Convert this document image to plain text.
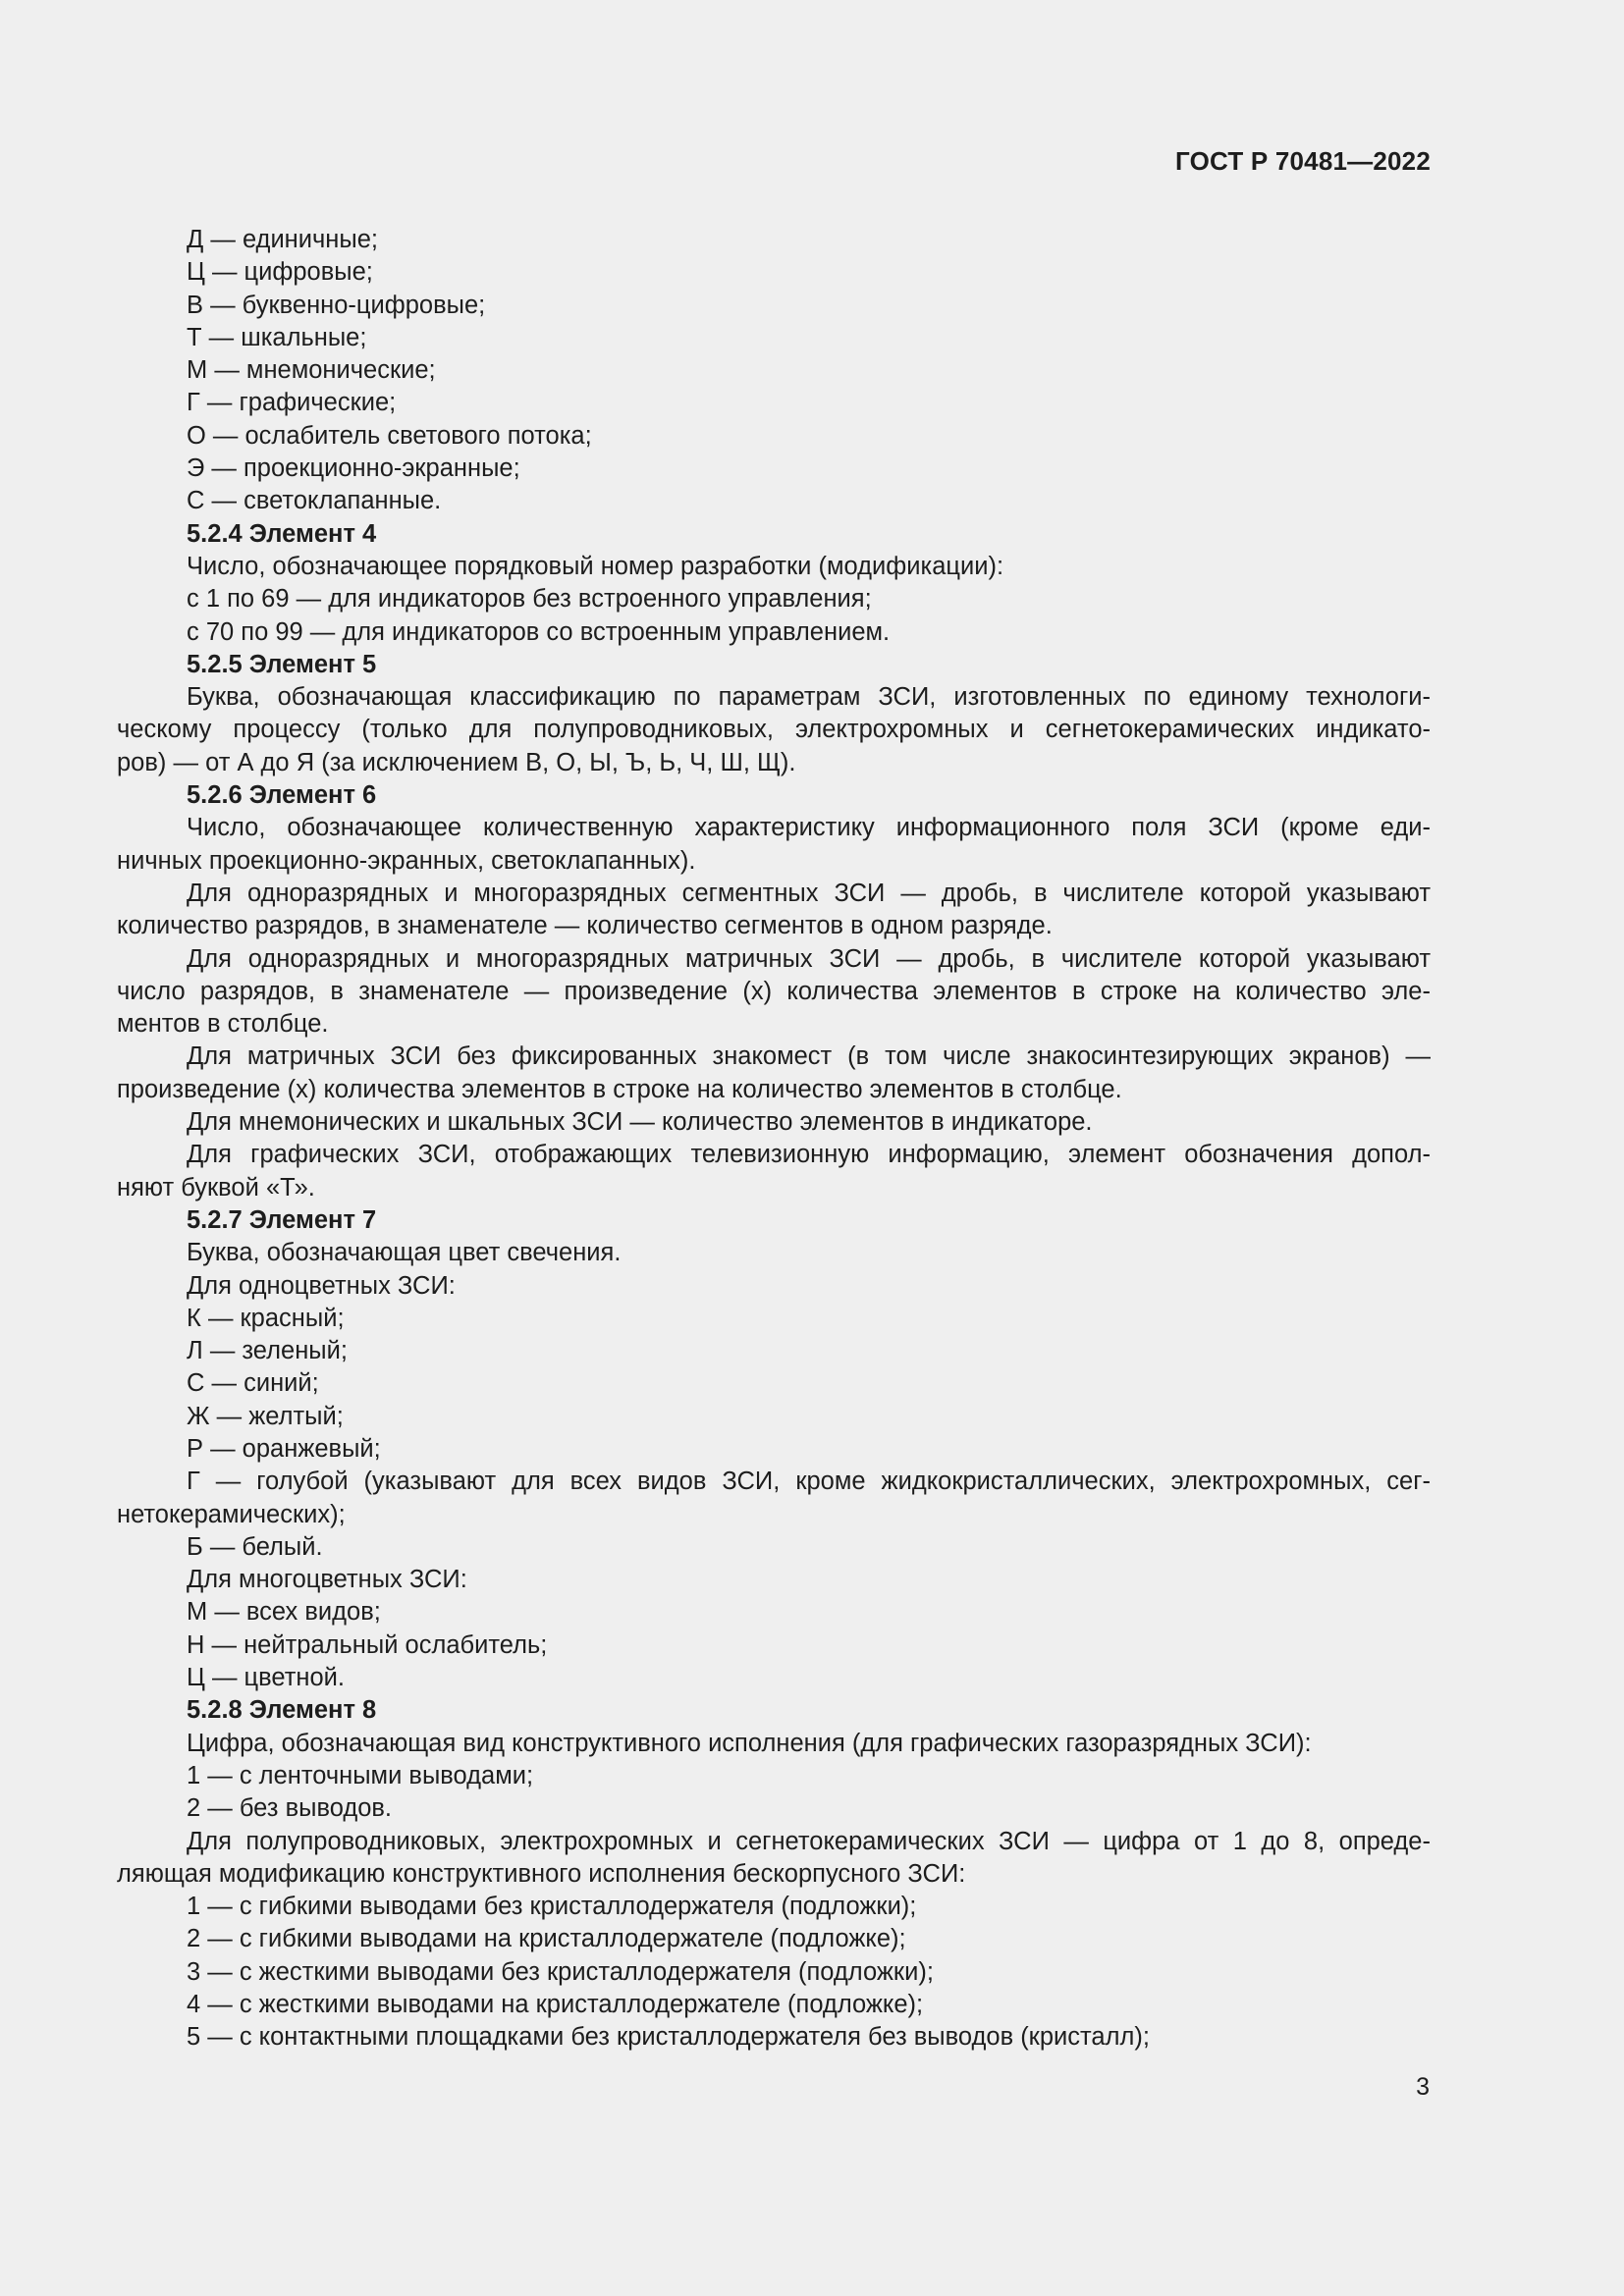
ГОСТ Р 70481—2022
Д — единичные;
Ц — цифровые;
В — буквенно-цифровые;
Т — шкальные;
М — мнемонические;
Г — графические;
О — ослабитель светового потока;
Э — проекционно-экранные;
С — светоклапанные.
5.2.4 Элемент 4
Число, обозначающее порядковый номер разработки (модификации):
с 1 по 69 — для индикаторов без встроенного управления;
с 70 по 99 — для индикаторов со встроенным управлением.
5.2.5 Элемент 5
Буква, обозначающая классификацию по параметрам ЗСИ, изготовленных по единому технологи-
ческому процессу (только для полупроводниковых, электрохромных и сегнетокерамических индикато-
ров) — от А до Я (за исключением В, О, Ы, Ъ, Ь, Ч, Ш, Щ).
5.2.6 Элемент 6
Число, обозначающее количественную характеристику информационного поля ЗСИ (кроме еди-
ничных проекционно-экранных, светоклапанных).
Для одноразрядных и многоразрядных сегментных ЗСИ — дробь, в числителе которой указывают
количество разрядов, в знаменателе — количество сегментов в одном разряде.
Для одноразрядных и многоразрядных матричных ЗСИ — дробь, в числителе которой указывают
число разрядов, в знаменателе — произведение (х) количества элементов в строке на количество эле-
ментов в столбце.
Для матричных ЗСИ без фиксированных знакомест (в том числе знакосинтезирующих экранов) —
произведение (х) количества элементов в строке на количество элементов в столбце.
Для мнемонических и шкальных ЗСИ — количество элементов в индикаторе.
Для графических ЗСИ, отображающих телевизионную информацию, элемент обозначения допол-
няют буквой «Т».
5.2.7 Элемент 7
Буква, обозначающая цвет свечения.
Для одноцветных ЗСИ:
К — красный;
Л — зеленый;
С — синий;
Ж — желтый;
Р — оранжевый;
Г — голубой (указывают для всех видов ЗСИ, кроме жидкокристаллических, электрохромных, сег-
нетокерамических);
Б — белый.
Для многоцветных ЗСИ:
М — всех видов;
Н — нейтральный ослабитель;
Ц — цветной.
5.2.8 Элемент 8
Цифра, обозначающая вид конструктивного исполнения (для графических газоразрядных ЗСИ):
1 — с ленточными выводами;
2 — без выводов.
Для полупроводниковых, электрохромных и сегнетокерамических ЗСИ — цифра от 1 до 8, опреде-
ляющая модификацию конструктивного исполнения бескорпусного ЗСИ:
1 — с гибкими выводами без кристаллодержателя (подложки);
2 — с гибкими выводами на кристаллодержателе (подложке);
3 — с жесткими выводами без кристаллодержателя (подложки);
4 — с жесткими выводами на кристаллодержателе (подложке);
5 — с контактными площадками без кристаллодержателя без выводов (кристалл);
3
